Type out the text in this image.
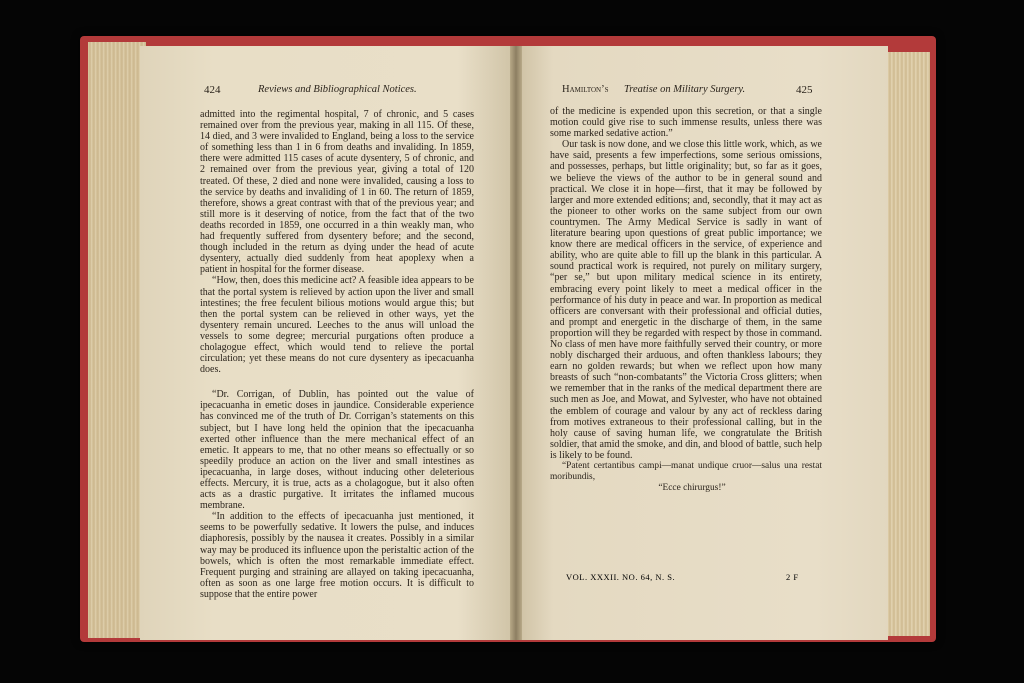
424	Reviews and Bibliographical Notices.

admitted into the regimental hospital, 7 of chronic, and 5 cases remained over from the previous year, making in all 115. Of these, 14 died, and 3 were invalided to England, being a loss to the service of something less than 1 in 6 from deaths and invaliding. In 1859, there were admitted 115 cases of acute dysentery, 5 of chronic, and 2 remained over from the previous year, giving a total of 120 treated. Of these, 2 died and none were invalided, causing a loss to the service by deaths and invaliding of 1 in 60. The return of 1859, therefore, shows a great contrast with that of the previous year; and still more is it deserving of notice, from the fact that of the two deaths recorded in 1859, one occurred in a thin weakly man, who had frequently suffered from dysentery before; and the second, though included in the return as dying under the head of acute dysentery, actually died suddenly from heat apoplexy when a patient in hospital for the former disease.

“How, then, does this medicine act? A feasible idea appears to be that the portal system is relieved by action upon the liver and small intestines; the free feculent bilious motions would argue this; but then the portal system can be relieved in other ways, yet the dysentery remain uncured. Leeches to the anus will unload the vessels to some degree; mercurial purgations often produce a cholagogue effect, which would tend to relieve the portal circulation; yet these means do not cure dysentery as ipecacuanha does.

“Dr. Corrigan, of Dublin, has pointed out the value of ipecacuanha in emetic doses in jaundice. Considerable experience has convinced me of the truth of Dr. Corrigan’s statements on this subject, but I have long held the opinion that the ipecacuanha exerted other influence than the mere mechanical effect of an emetic. It appears to me, that no other means so effectually or so speedily produce an action on the liver and small intestines as ipecacuanha, in large doses, without inducing other deleterious effects. Mercury, it is true, acts as a cholagogue, but it also often acts as a drastic purgative. It irritates the inflamed mucous membrane.

“In addition to the effects of ipecacuanha just mentioned, it seems to be powerfully sedative. It lowers the pulse, and induces diaphoresis, possibly by the nausea it creates. Possibly in a similar way may be produced its influence upon the peristaltic action of the bowels, which is often the most remarkable immediate effect. Frequent purging and straining are allayed on taking ipecacuanha, often as soon as one large free motion occurs. It is difficult to suppose that the entire power

Hamilton’s Treatise on Military Surgery.	425

of the medicine is expended upon this secretion, or that a single motion could give rise to such immense results, unless there was some marked sedative action.”

Our task is now done, and we close this little work, which, as we have said, presents a few imperfections, some serious omissions, and possesses, perhaps, but little originality; but, so far as it goes, we believe the views of the author to be in general sound and practical. We close it in hope—first, that it may be followed by larger and more extended editions; and, secondly, that it may act as the pioneer to other works on the same subject from our own countrymen. The Army Medical Service is sadly in want of literature bearing upon questions of great public importance; we know there are medical officers in the service, of experience and ability, who are quite able to fill up the blank in this particular. A sound practical work is required, not purely on military surgery, “per se,” but upon military medical science in its entirety, embracing every point likely to meet a medical officer in the performance of his duty in peace and war. In proportion as medical officers are conversant with their professional and official duties, and prompt and energetic in the discharge of them, in the same proportion will they be regarded with respect by those in command. No class of men have more faithfully served their country, or more nobly discharged their arduous, and often thankless labours; they earn no golden rewards; but when we reflect upon how many breasts of such “non-combatants” the Victoria Cross glitters; when we remember that in the ranks of the medical department there are such men as Joe, and Mowat, and Sylvester, who have not obtained the emblem of courage and valour by any act of reckless daring from motives extraneous to their professional calling, but in the holy cause of saving human life, we congratulate the British soldier, that amid the smoke, and din, and blood of battle, such help is likely to be found.

“Patent certantibus campi—manat undique cruor—salus una restat moribundis,

“Ecce chirurgus!”

VOL. XXXII. NO. 64, N. S.	2 F
